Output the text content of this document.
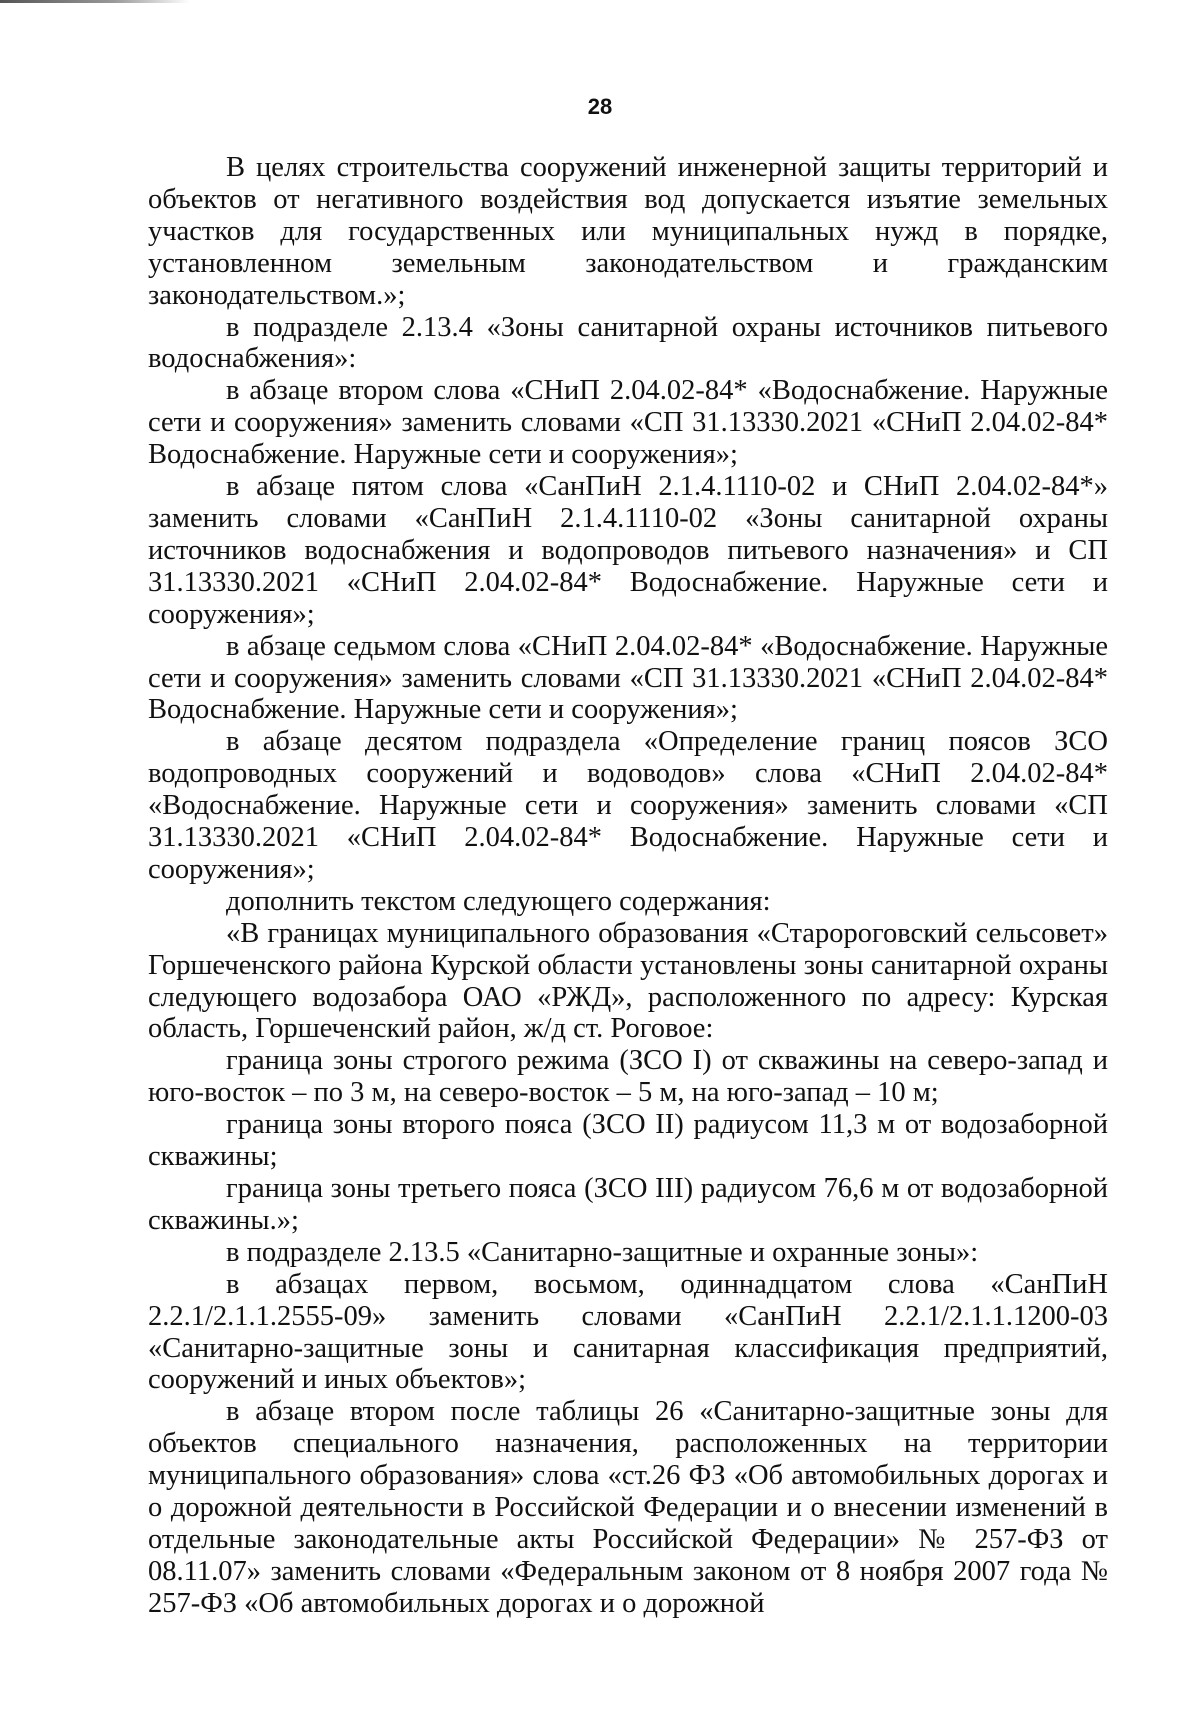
28

В целях строительства сооружений инженерной защиты территорий и объектов от негативного воздействия вод допускается изъятие земельных участков для государственных или муниципальных нужд в порядке, установленном земельным законодательством и гражданским законодательством.»;

в подразделе 2.13.4 «Зоны санитарной охраны источников питьевого водоснабжения»:

в абзаце втором слова «СНиП 2.04.02-84* «Водоснабжение. Наружные сети и сооружения» заменить словами «СП 31.13330.2021 «СНиП 2.04.02-84* Водоснабжение. Наружные сети и сооружения»;

в абзаце пятом слова «СанПиН 2.1.4.1110-02 и СНиП 2.04.02-84*» заменить словами «СанПиН 2.1.4.1110-02 «Зоны санитарной охраны источников водоснабжения и водопроводов питьевого назначения» и СП 31.13330.2021 «СНиП 2.04.02-84* Водоснабжение. Наружные сети и сооружения»;

в абзаце седьмом слова «СНиП 2.04.02-84* «Водоснабжение. Наружные сети и сооружения» заменить словами «СП 31.13330.2021 «СНиП 2.04.02-84* Водоснабжение. Наружные сети и сооружения»;

в абзаце десятом подраздела «Определение границ поясов ЗСО водопроводных сооружений и водоводов» слова «СНиП 2.04.02-84* «Водоснабжение. Наружные сети и сооружения» заменить словами «СП 31.13330.2021 «СНиП 2.04.02-84* Водоснабжение. Наружные сети и сооружения»;

дополнить текстом следующего содержания:

«В границах муниципального образования «Старороговский сельсовет» Горшеченского района Курской области установлены зоны санитарной охраны следующего водозабора ОАО «РЖД», расположенного по адресу: Курская область, Горшеченский район, ж/д ст. Роговое:

граница зоны строгого режима (ЗСО I) от скважины на северо-запад и юго-восток – по 3 м, на северо-восток – 5 м, на юго-запад – 10 м;

граница зоны второго пояса (ЗСО II) радиусом 11,3 м от водозаборной скважины;

граница зоны третьего пояса (ЗСО III) радиусом 76,6 м от водозаборной скважины.»;

в подразделе 2.13.5 «Санитарно-защитные и охранные зоны»:

в абзацах первом, восьмом, одиннадцатом слова «СанПиН 2.2.1/2.1.1.2555-09» заменить словами «СанПиН 2.2.1/2.1.1.1200-03 «Санитарно-защитные зоны и санитарная классификация предприятий, сооружений и иных объектов»;

в абзаце втором после таблицы 26 «Санитарно-защитные зоны для объектов специального назначения, расположенных на территории муниципального образования» слова «ст.26 ФЗ «Об автомобильных дорогах и о дорожной деятельности в Российской Федерации и о внесении изменений в отдельные законодательные акты Российской Федерации» № 257-ФЗ от 08.11.07» заменить словами «Федеральным законом от 8 ноября 2007 года № 257-ФЗ «Об автомобильных дорогах и о дорожной
